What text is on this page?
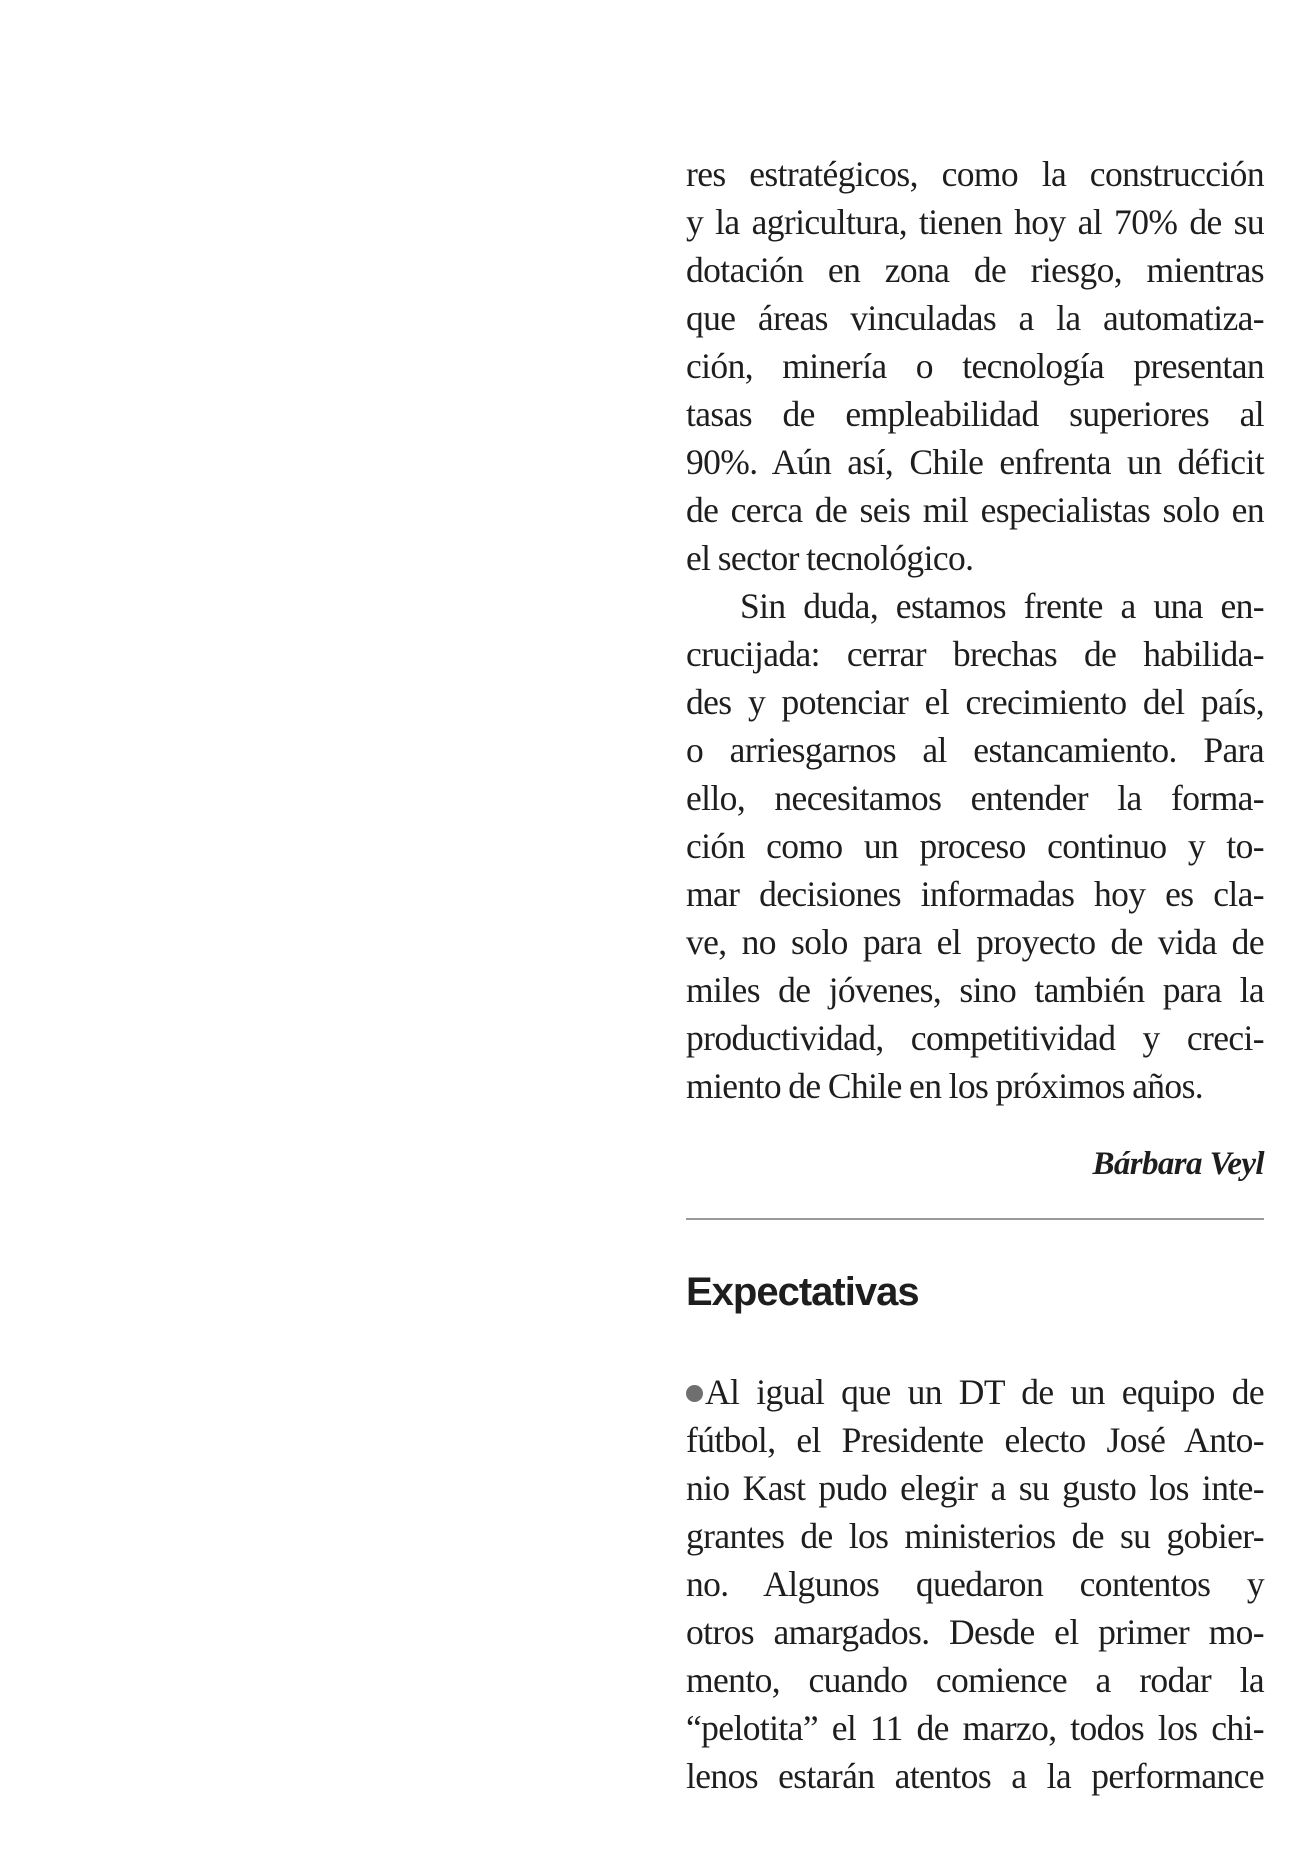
res estratégicos, como la construcción
y la agricultura, tienen hoy al 70% de su
dotación en zona de riesgo, mientras
que áreas vinculadas a la automatiza-
ción, minería o tecnología presentan
tasas de empleabilidad superiores al
90%. Aún así, Chile enfrenta un déficit
de cerca de seis mil especialistas solo en
el sector tecnológico.
Sin duda, estamos frente a una en-
crucijada: cerrar brechas de habilida-
des y potenciar el crecimiento del país,
o arriesgarnos al estancamiento. Para
ello, necesitamos entender la forma-
ción como un proceso continuo y to-
mar decisiones informadas hoy es cla-
ve, no solo para el proyecto de vida de
miles de jóvenes, sino también para la
productividad, competitividad y creci-
miento de Chile en los próximos años.
Bárbara Veyl
Expectativas
Al igual que un DT de un equipo de
fútbol, el Presidente electo José Anto-
nio Kast pudo elegir a su gusto los inte-
grantes de los ministerios de su gobier-
no. Algunos quedaron contentos y
otros amargados. Desde el primer mo-
mento, cuando comience a rodar la
“pelotita” el 11 de marzo, todos los chi-
lenos estarán atentos a la performance
